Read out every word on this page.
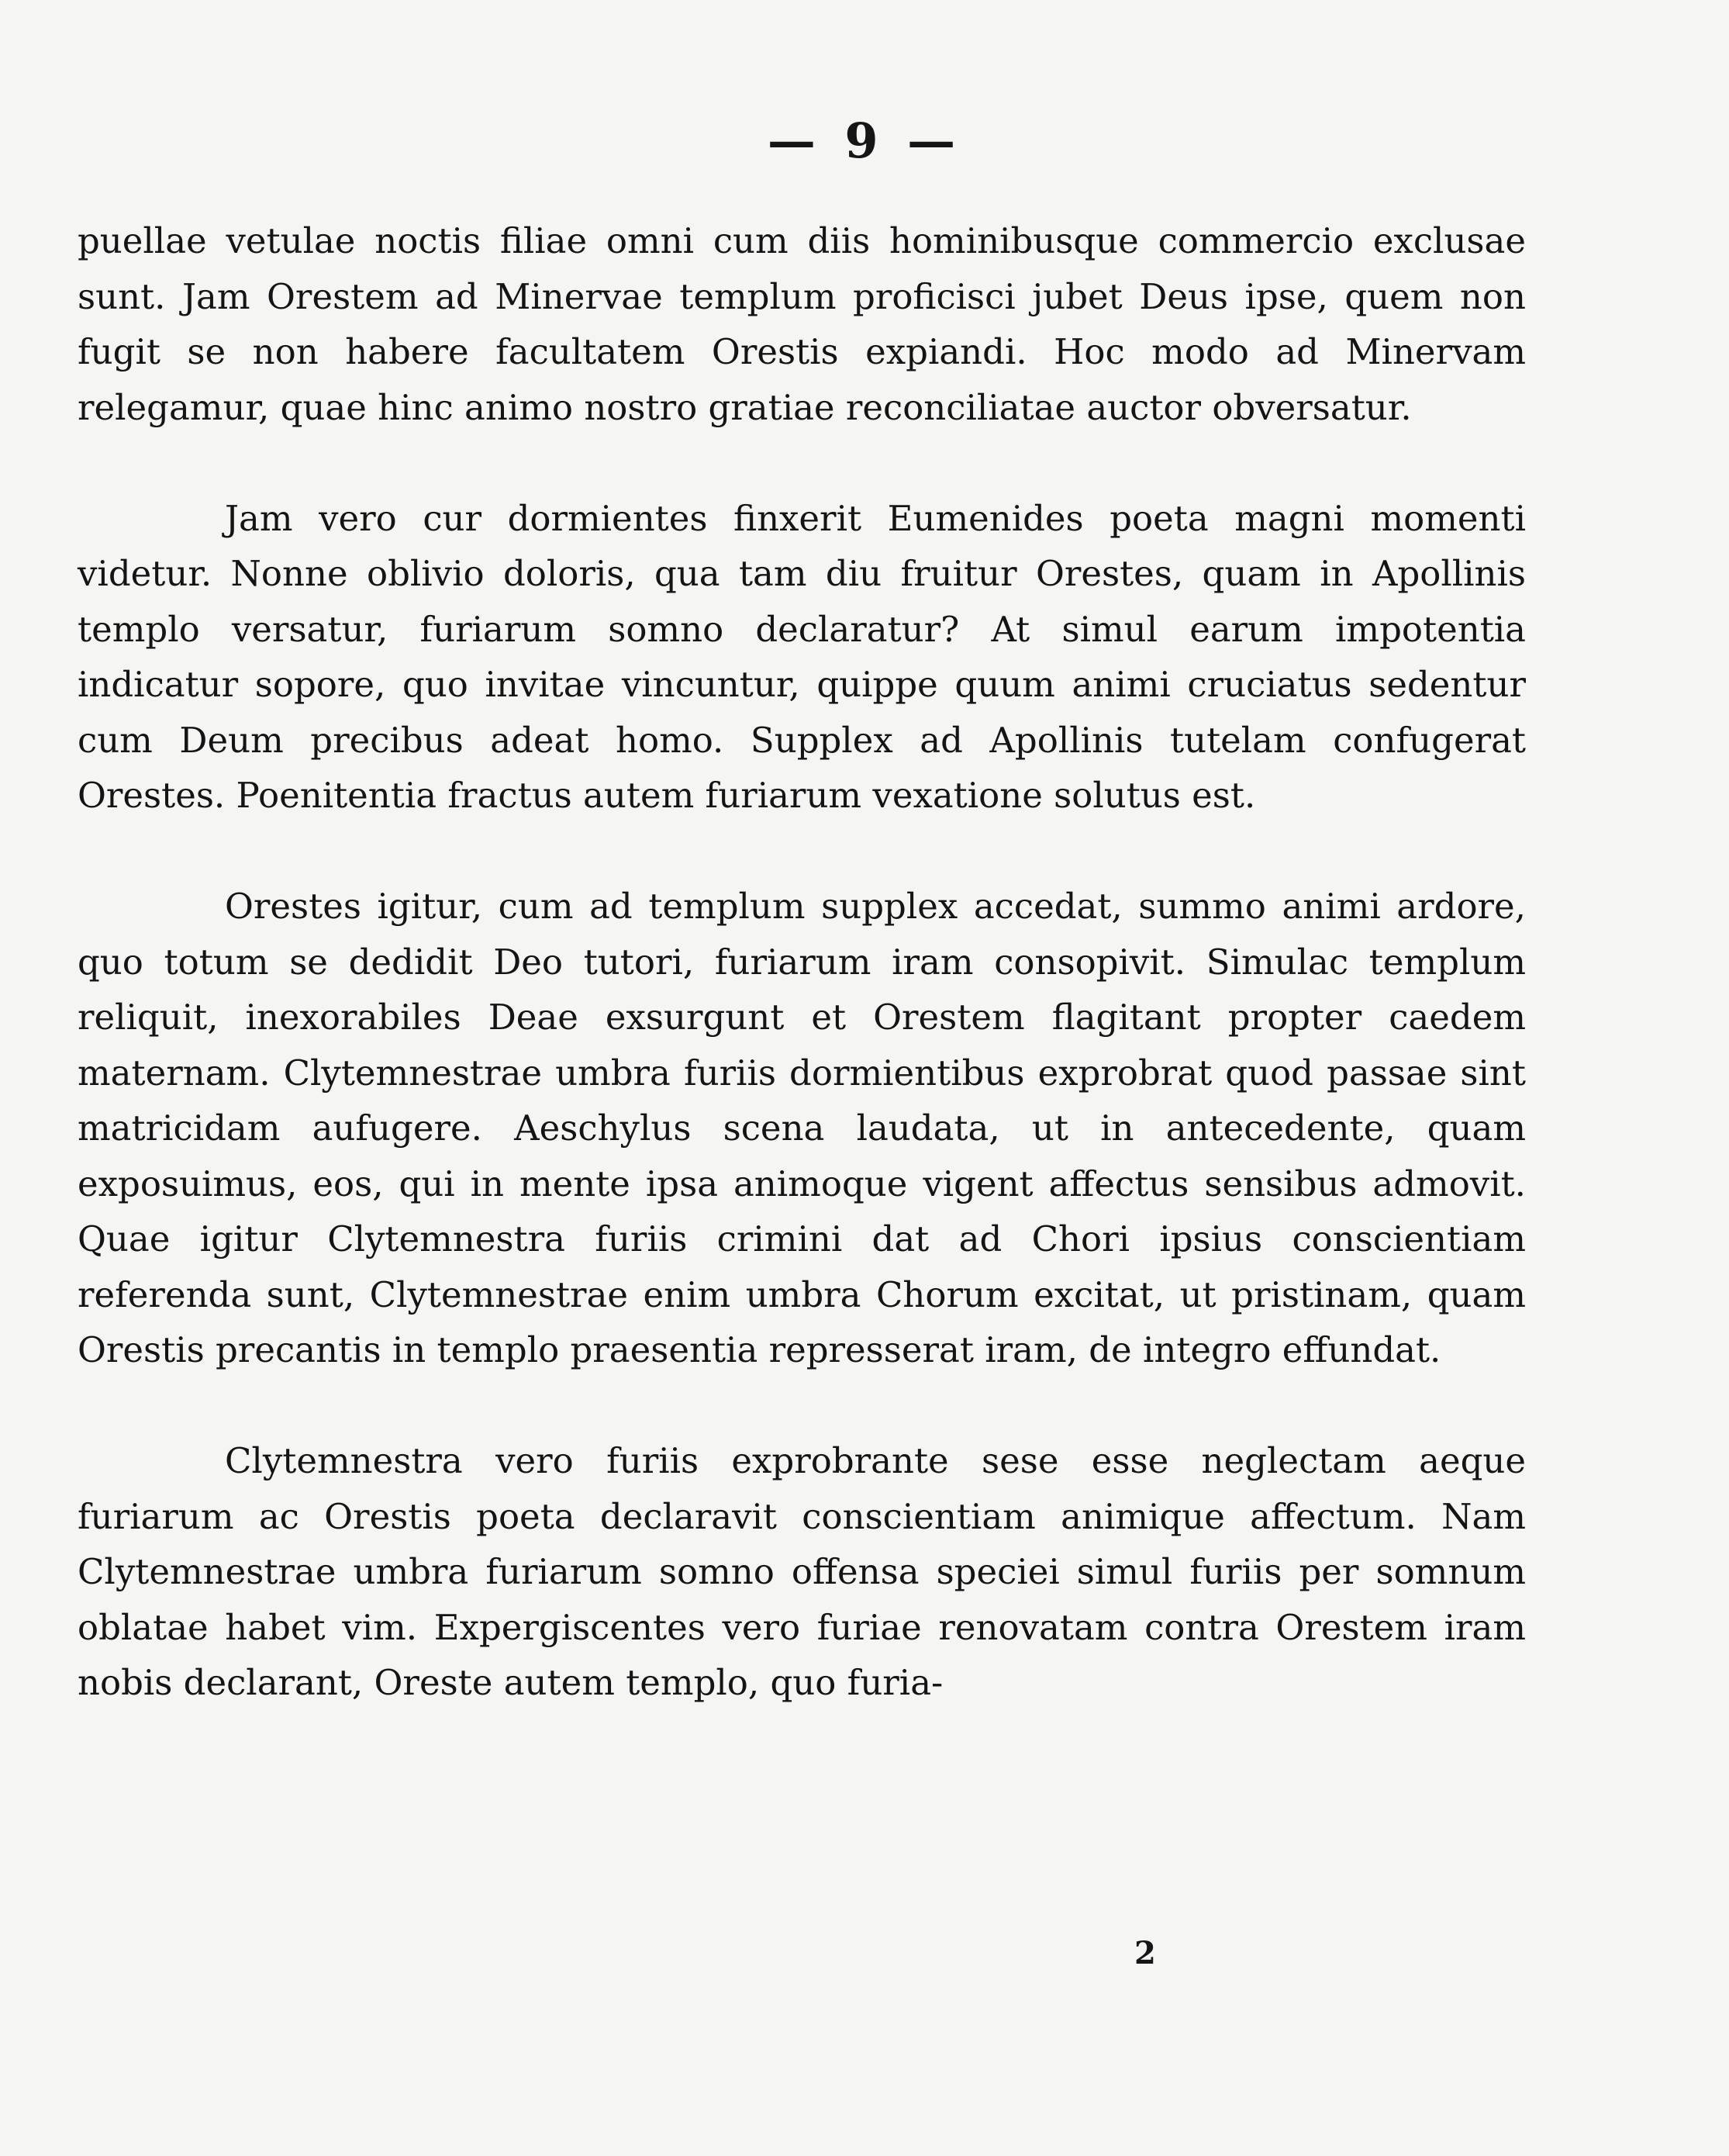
— 9 —

puellae vetulae noctis filiae omni cum diis hominibusque commercio exclusae sunt. Jam Orestem ad Minervae templum proficisci jubet Deus ipse, quem non fugit se non habere facultatem Orestis expiandi. Hoc modo ad Minervam relegamur, quae hinc animo nostro gratiae reconciliatae auctor obversatur.

Jam vero cur dormientes finxerit Eumenides poeta magni momenti videtur. Nonne oblivio doloris, qua tam diu fruitur Orestes, quam in Apollinis templo versatur, furiarum somno declaratur? At simul earum impotentia indicatur sopore, quo invitae vincuntur, quippe quum animi cruciatus sedentur cum Deum precibus adeat homo. Supplex ad Apollinis tutelam confugerat Orestes. Poenitentia fractus autem furiarum vexatione solutus est.

Orestes igitur, cum ad templum supplex accedat, summo animi ardore, quo totum se dedidit Deo tutori, furiarum iram consopivit. Simulac templum reliquit, inexorabiles Deae exsurgunt et Orestem flagitant propter caedem maternam. Clytemnestrae umbra furiis dormientibus exprobrat quod passae sint matricidam aufugere. Aeschylus scena laudata, ut in antecedente, quam exposuimus, eos, qui in mente ipsa animoque vigent affectus sensibus admovit. Quae igitur Clytemnestra furiis crimini dat ad Chori ipsius conscientiam referenda sunt, Clytemnestrae enim umbra Chorum excitat, ut pristinam, quam Orestis precantis in templo praesentia represserat iram, de integro effundat.

Clytemnestra vero furiis exprobrante sese esse neglectam aeque furiarum ac Orestis poeta declaravit conscientiam animique affectum. Nam Clytemnestrae umbra furiarum somno offensa speciei simul furiis per somnum oblatae habet vim. Expergiscentes vero furiae renovatam contra Orestem iram nobis declarant, Oreste autem templo, quo furia-

2
